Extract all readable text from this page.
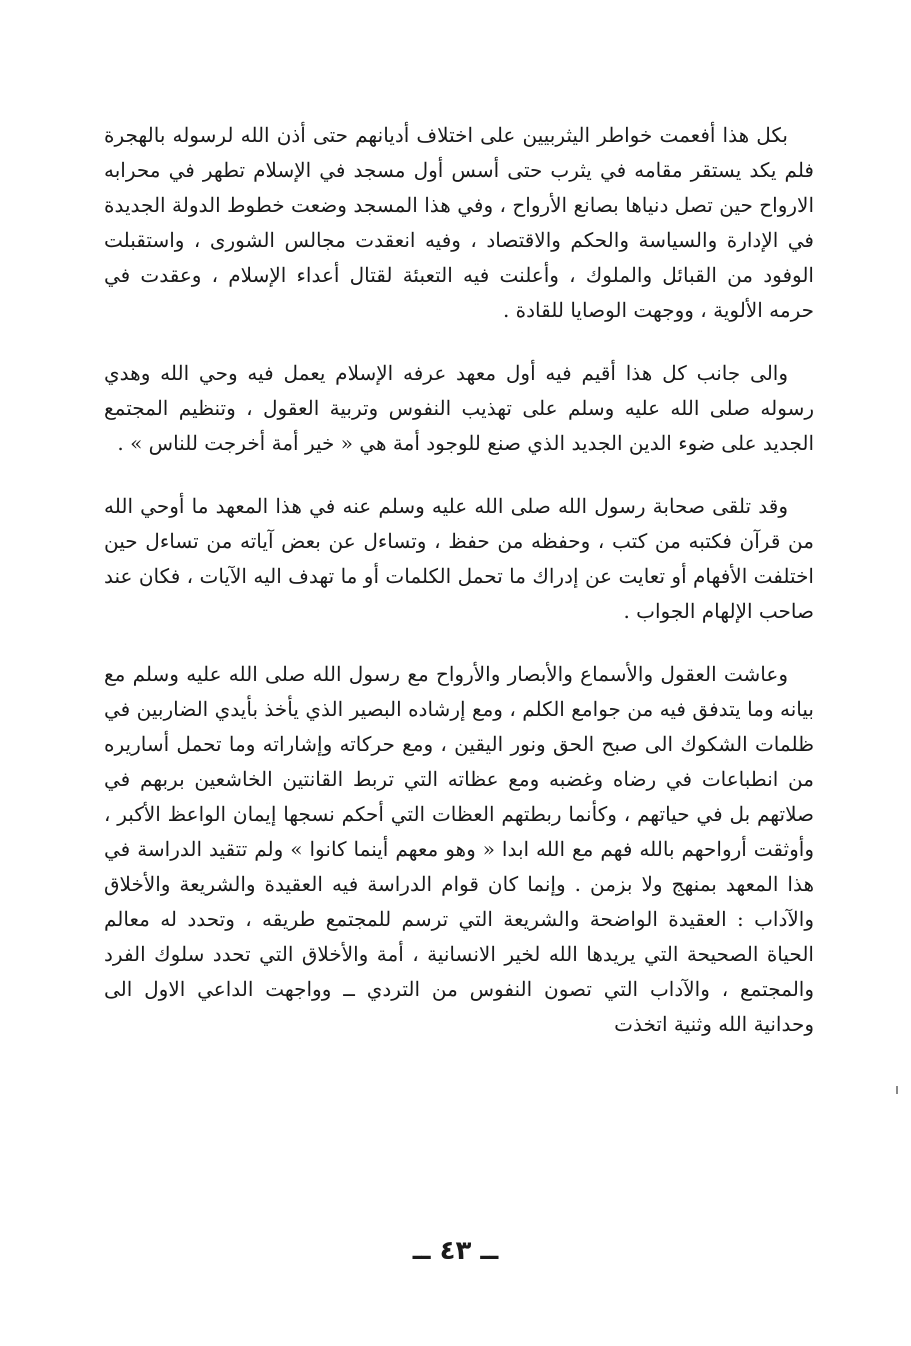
بكل هذا أفعمت خواطر اليثربيين على اختلاف أديانهم حتى أذن الله لرسوله بالهجرة فلم يكد يستقر مقامه في يثرب حتى أسس أول مسجد في الإسلام تطهر في محرابه الارواح حين تصل دنياها بصانع الأرواح ، وفي هذا المسجد وضعت خطوط الدولة الجديدة في الإدارة والسياسة والحكم والاقتصاد ، وفيه انعقدت مجالس الشورى ، واستقبلت الوفود من القبائل والملوك ، وأعلنت فيه التعبئة لقتال أعداء الإسلام ، وعقدت في حرمه الألوية ، ووجهت الوصايا للقادة .

والى جانب كل هذا أقيم فيه أول معهد عرفه الإسلام يعمل فيه وحي الله وهدي رسوله صلى الله عليه وسلم على تهذيب النفوس وتربية العقول ، وتنظيم المجتمع الجديد على ضوء الدين الجديد الذي صنع للوجود أمة هي « خير أمة أخرجت للناس » .

وقد تلقى صحابة رسول الله صلى الله عليه وسلم عنه في هذا المعهد ما أوحي الله من قرآن فكتبه من كتب ، وحفظه من حفظ ، وتساءل عن بعض آياته من تساءل حين اختلفت الأفهام أو تعايت عن إدراك ما تحمل الكلمات أو ما تهدف اليه الآيات ، فكان عند صاحب الإلهام الجواب .

وعاشت العقول والأسماع والأبصار والأرواح مع رسول الله صلى الله عليه وسلم مع بيانه وما يتدفق فيه من جوامع الكلم ، ومع إرشاده البصير الذي يأخذ بأيدي الضاربين في ظلمات الشكوك الى صبح الحق ونور اليقين ، ومع حركاته وإشاراته وما تحمل أساريره من انطباعات في رضاه وغضبه ومع عظاته التي تربط القانتين الخاشعين بربهم في صلاتهم بل في حياتهم ، وكأنما ربطتهم العظات التي أحكم نسجها إيمان الواعظ الأكبر ، وأوثقت أرواحهم بالله فهم مع الله ابدا « وهو معهم أينما كانوا » ولم تتقيد الدراسة في هذا المعهد بمنهج ولا بزمن . وإنما كان قوام الدراسة فيه العقيدة والشريعة والأخلاق والآداب : العقيدة الواضحة والشريعة التي ترسم للمجتمع طريقه ، وتحدد له معالم الحياة الصحيحة التي يريدها الله لخير الانسانية ، أمة والأخلاق التي تحدد سلوك الفرد والمجتمع ، والآداب التي تصون النفوس من التردي ــ وواجهت الداعي الاول الى وحدانية الله وثنية اتخذت

ــ ٤٣ ــ
